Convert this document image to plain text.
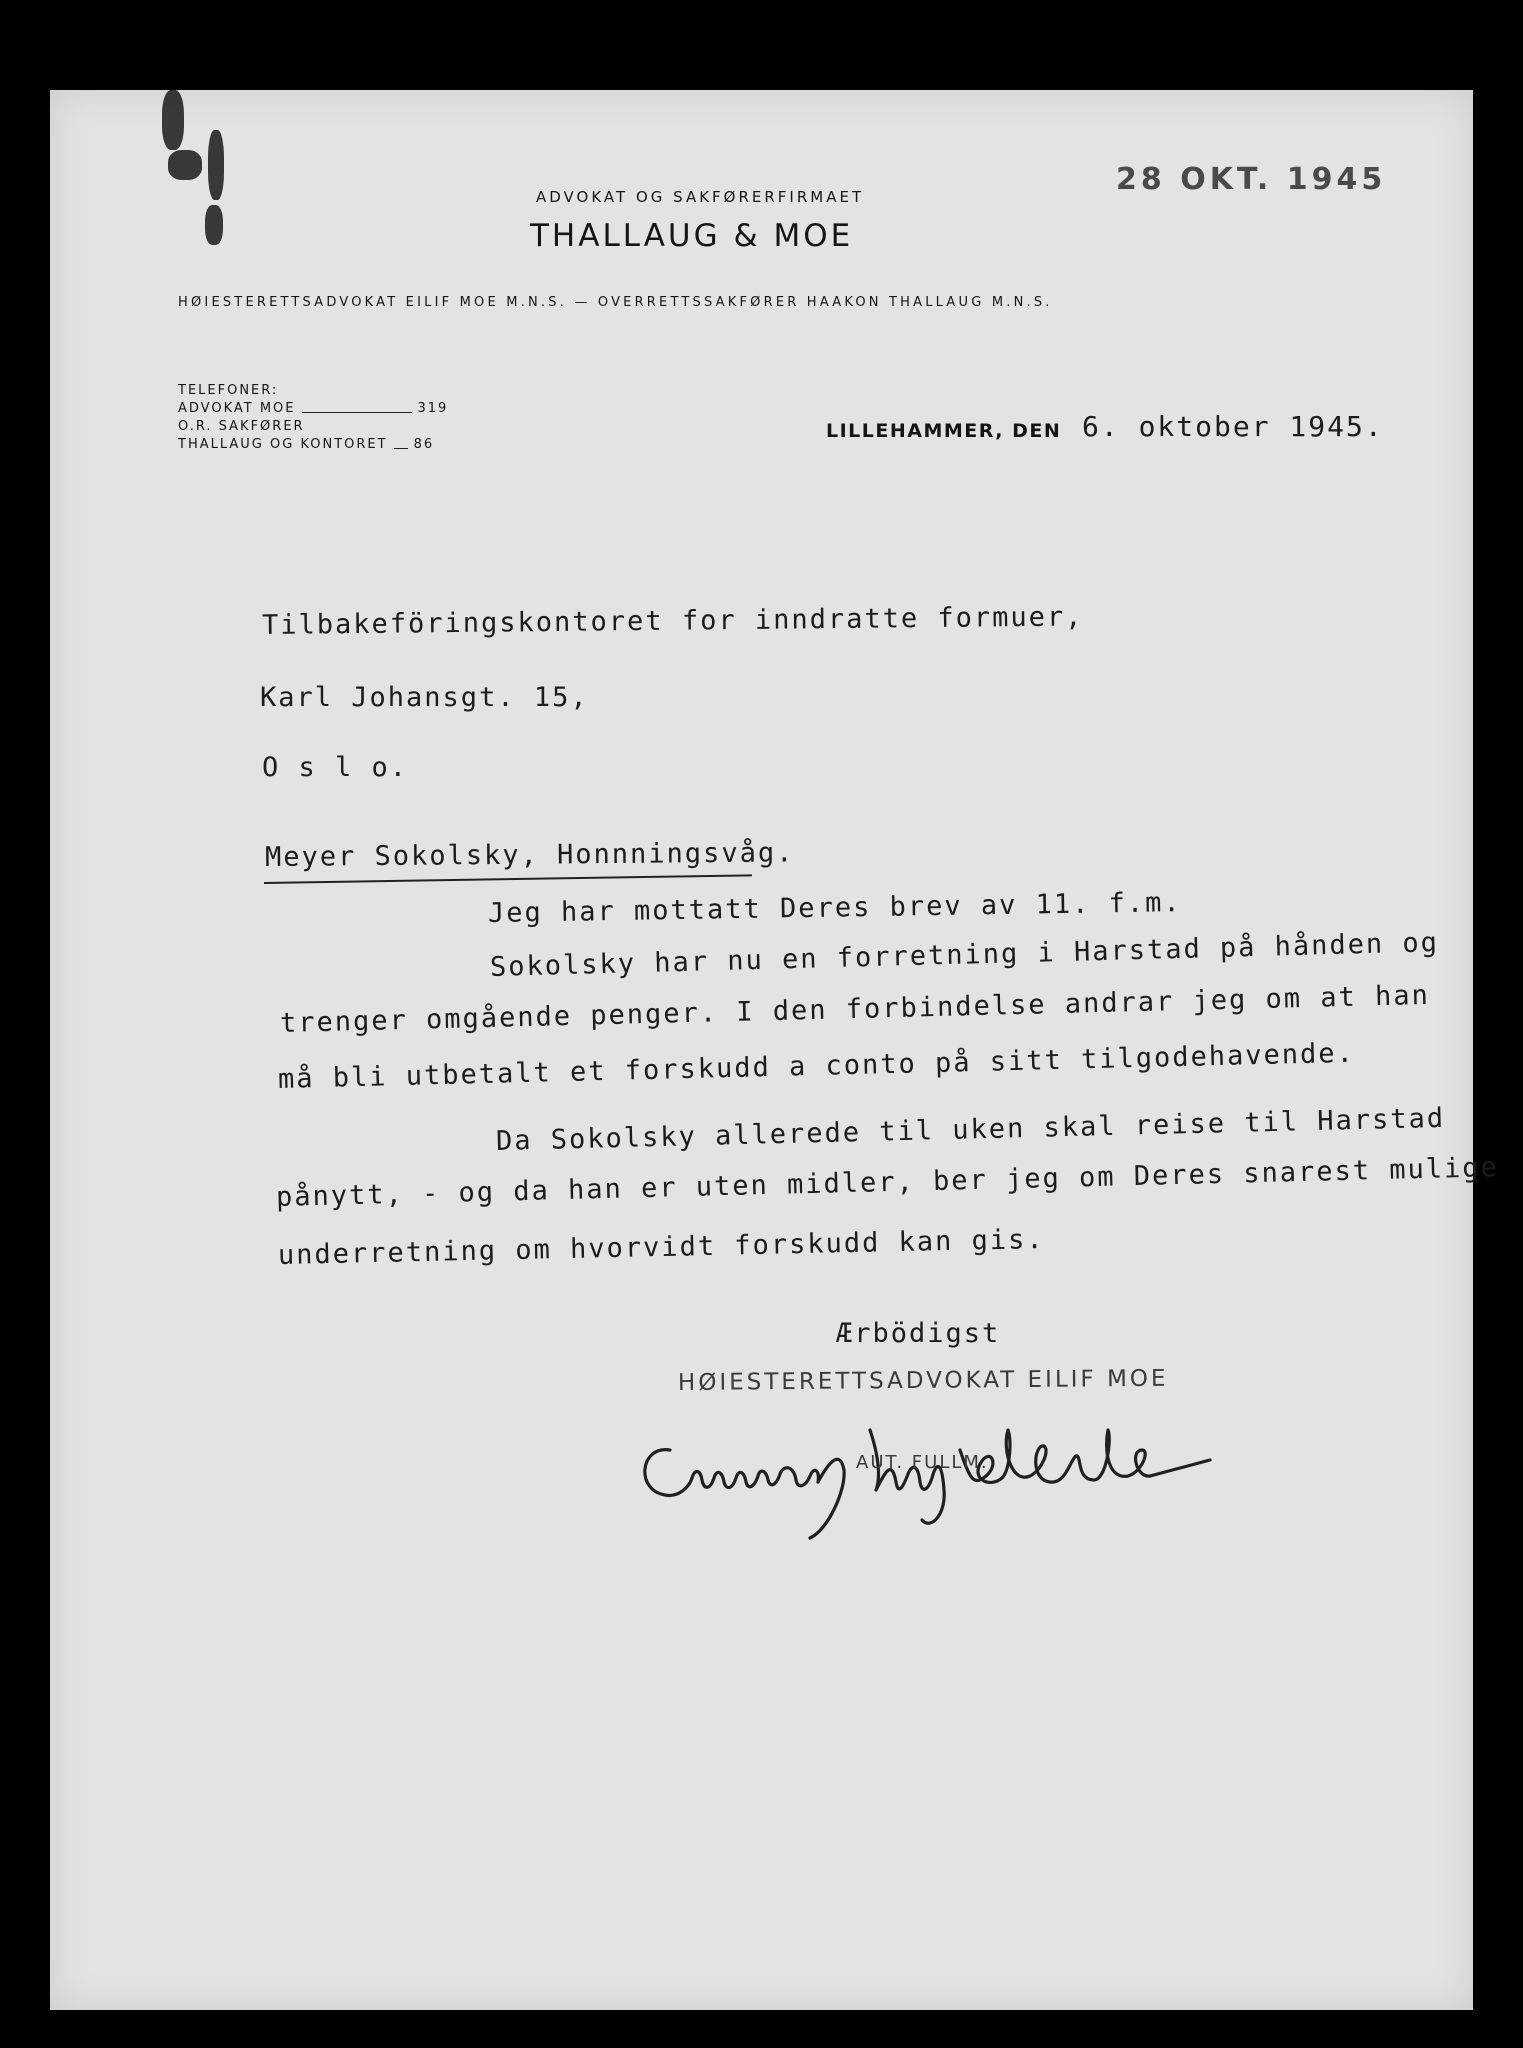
28 OKT. 1945
ADVOKAT OG SAKFØRERFIRMAET
THALLAUG & MOE
HØIESTERETTSADVOKAT EILIF MOE M.N.S. — OVERRETTSSAKFØRER HAAKON THALLAUG M.N.S.
TELEFONER:
ADVOKAT MOE	319
O.R. SAKFØRER
THALLAUG OG KONTORET 86
LILLEHAMMER, DEN 6. oktober 1945.
Tilbakeföringskontoret for inndratte formuer,
Karl Johansgt. 15,
O s l o.
Meyer Sokolsky, Honnningsvåg.
Jeg har mottatt Deres brev av 11. f.m.
Sokolsky har nu en forretning i Harstad på hånden og
trenger omgående penger. I den forbindelse andrar jeg om at han
må bli utbetalt et forskudd a conto på sitt tilgodehavende.
Da Sokolsky allerede til uken skal reise til Harstad
pånytt, - og da han er uten midler, ber jeg om Deres snarest mulige
underretning om hvorvidt forskudd kan gis.
Ærbödigst
HØIESTERETTSADVOKAT EILIF MOE
AUT. FULLM.
